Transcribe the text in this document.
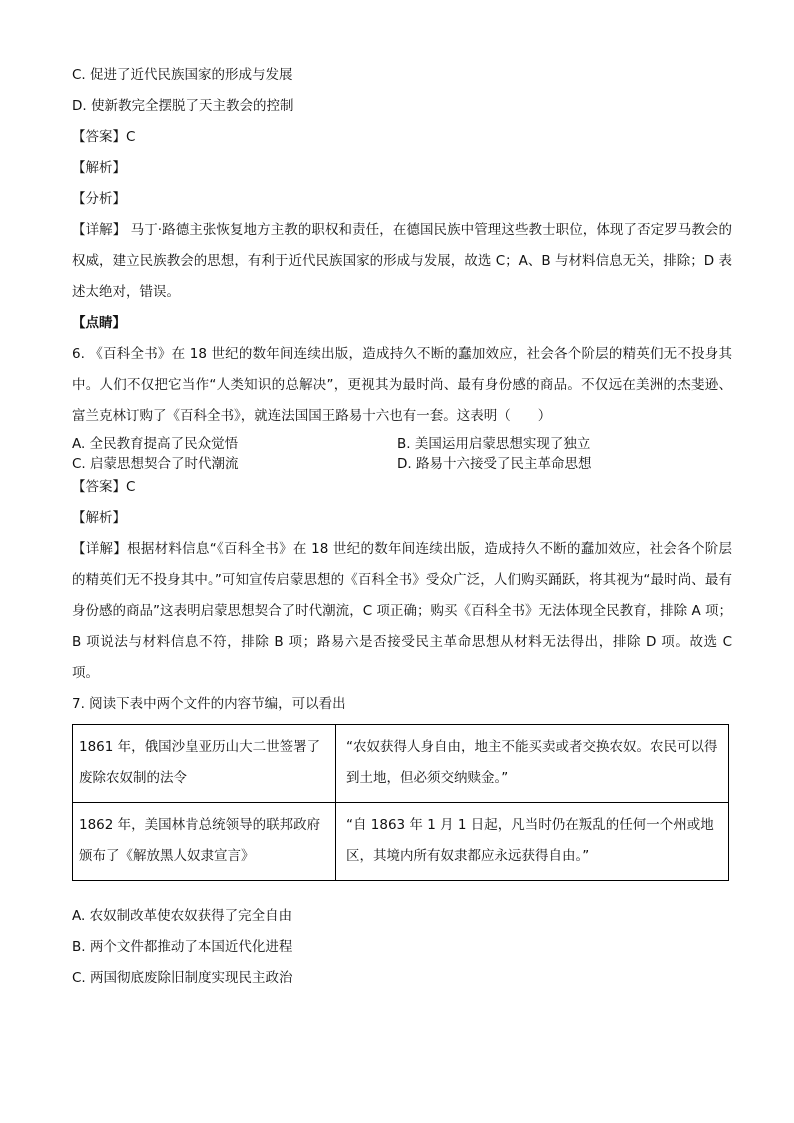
C. 促进了近代民族国家的形成与发展
D. 使新教完全摆脱了天主教会的控制
【答案】C
【解析】
【分析】
【详解】 马丁·路德主张恢复地方主教的职权和责任，在德国民族中管理这些教士职位，体现了否定罗马教会的权威，建立民族教会的思想，有利于近代民族国家的形成与发展，故选 C；A、B 与材料信息无关，排除；D 表述太绝对，错误。
【点睛】
6. 《百科全书》在 18 世纪的数年间连续出版，造成持久不断的蠢加效应，社会各个阶层的精英们无不投身其中。人们不仅把它当作“人类知识的总解决”，更视其为最时尚、最有身份感的商品。不仅远在美洲的杰斐逊、富兰克林订购了《百科全书》，就连法国国王路易十六也有一套。这表明（　　）
A. 全民教育提高了民众觉悟	B. 美国运用启蒙思想实现了独立
C. 启蒙思想契合了时代潮流	D. 路易十六接受了民主革命思想
【答案】C
【解析】
【详解】根据材料信息“《百科全书》在 18 世纪的数年间连续出版，造成持久不断的蠢加效应，社会各个阶层的精英们无不投身其中。”可知宣传启蒙思想的《百科全书》受众广泛，人们购买踊跃，将其视为“最时尚、最有身份感的商品”这表明启蒙思想契合了时代潮流，C 项正确；购买《百科全书》无法体现全民教育，排除 A 项；B 项说法与材料信息不符，排除 B 项；路易六是否接受民主革命思想从材料无法得出，排除 D 项。故选 C 项。
7. 阅读下表中两个文件的内容节编，可以看出
1861 年，俄国沙皇亚历山大二世签署了废除农奴制的法令	“农奴获得人身自由，地主不能买卖或者交换农奴。农民可以得到土地，但必须交纳赎金。”
1862 年，美国林肯总统领导的联邦政府颁布了《解放黑人奴隶宣言》	“自 1863 年 1 月 1 日起，凡当时仍在叛乱的任何一个州或地区，其境内所有奴隶都应永远获得自由。”
A. 农奴制改革使农奴获得了完全自由
B. 两个文件都推动了本国近代化进程
C. 两国彻底废除旧制度实现民主政治
